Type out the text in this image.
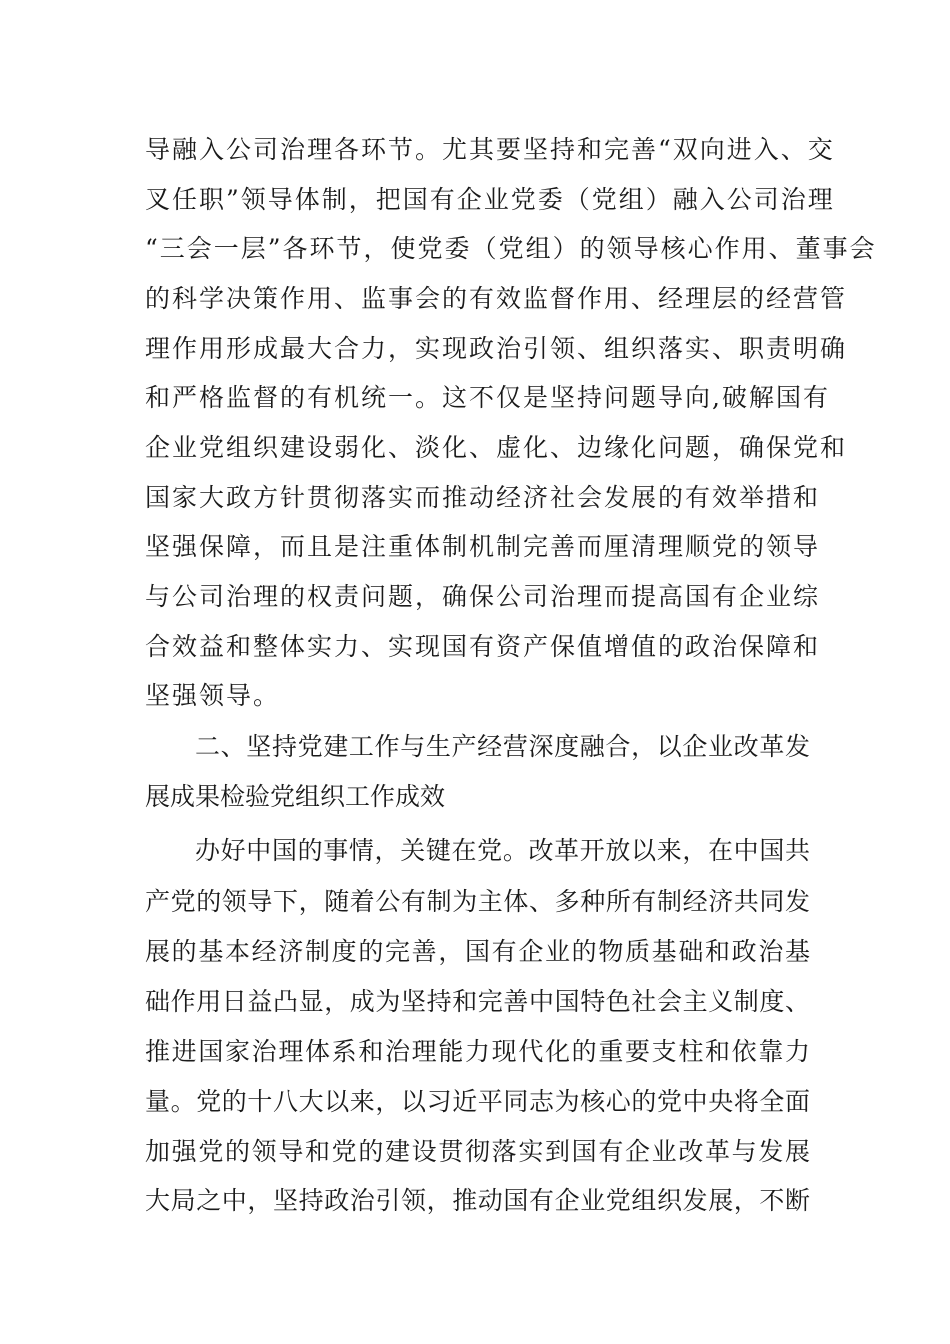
导融入公司治理各环节。尤其要坚持和完善“双向进入、交
叉任职”领导体制，把国有企业党委（党组）融入公司治理
“三会一层”各环节，使党委（党组）的领导核心作用、董事会
的科学决策作用、监事会的有效监督作用、经理层的经营管
理作用形成最大合力，实现政治引领、组织落实、职责明确
和严格监督的有机统一。这不仅是坚持问题导向,破解国有
企业党组织建设弱化、淡化、虚化、边缘化问题，确保党和
国家大政方针贯彻落实而推动经济社会发展的有效举措和
坚强保障，而且是注重体制机制完善而厘清理顺党的领导
与公司治理的权责问题，确保公司治理而提高国有企业综
合效益和整体实力、实现国有资产保值增值的政治保障和
坚强领导。
二、坚持党建工作与生产经营深度融合，以企业改革发
展成果检验党组织工作成效
办好中国的事情，关键在党。改革开放以来，在中国共
产党的领导下，随着公有制为主体、多种所有制经济共同发
展的基本经济制度的完善，国有企业的物质基础和政治基
础作用日益凸显，成为坚持和完善中国特色社会主义制度、
推进国家治理体系和治理能力现代化的重要支柱和依靠力
量。党的十八大以来，以习近平同志为核心的党中央将全面
加强党的领导和党的建设贯彻落实到国有企业改革与发展
大局之中，坚持政治引领，推动国有企业党组织发展，不断
